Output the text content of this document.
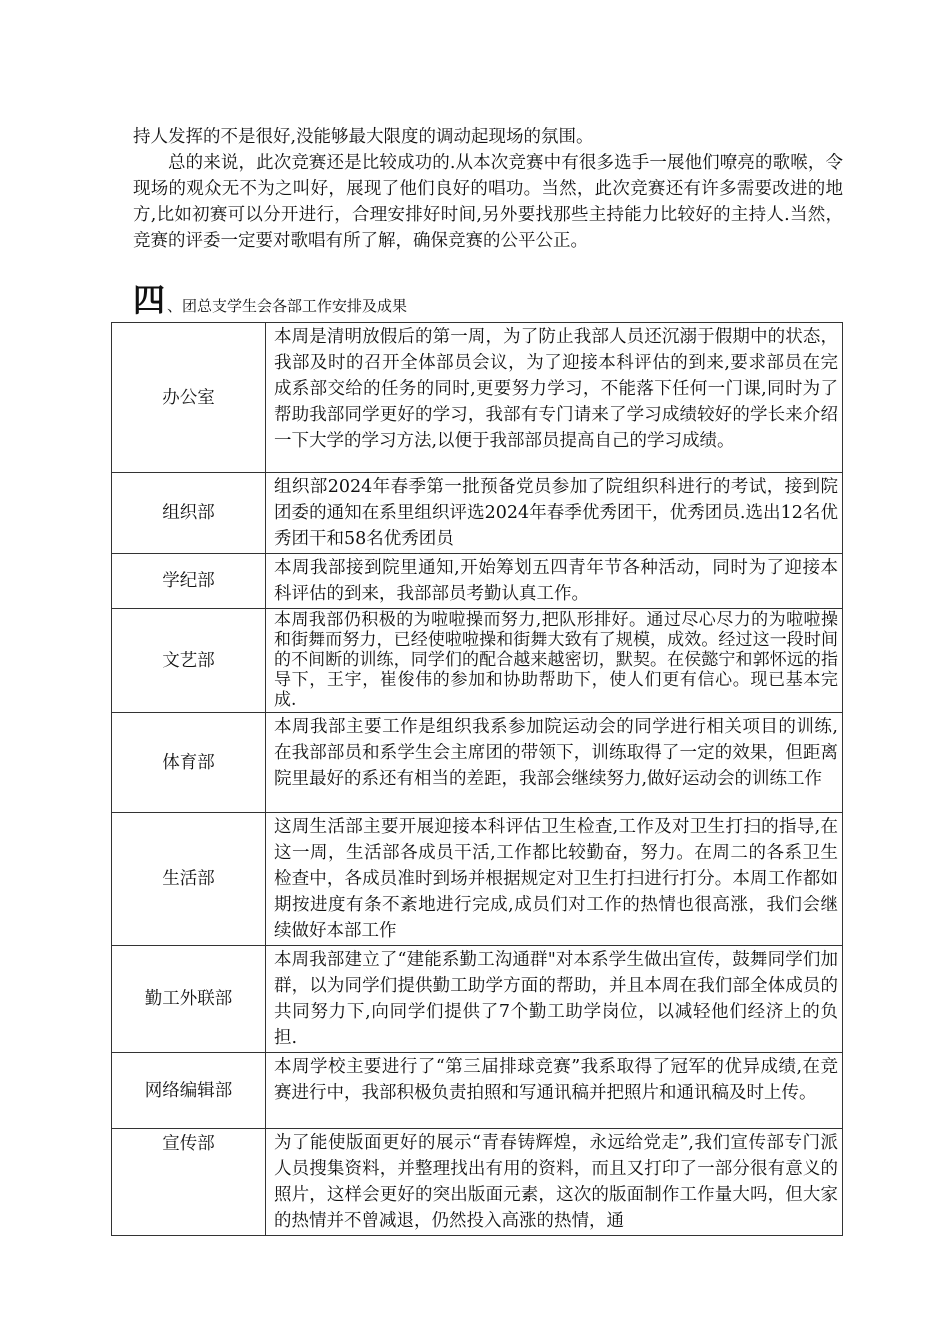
持人发挥的不是很好,没能够最大限度的调动起现场的氛围。

总的来说，此次竞赛还是比较成功的.从本次竞赛中有很多选手一展他们嘹亮的歌喉，令现场的观众无不为之叫好，展现了他们良好的唱功。当然，此次竞赛还有许多需要改进的地方,比如初赛可以分开进行，合理安排好时间,另外要找那些主持能力比较好的主持人.当然，竞赛的评委一定要对歌唱有所了解，确保竞赛的公平公正。

四 、团总支学生会各部工作安排及成果
办公室	本周是清明放假后的第一周，为了防止我部人员还沉溺于假期中的状态，我部及时的召开全体部员会议，为了迎接本科评估的到来,要求部员在完成系部交给的任务的同时,更要努力学习，不能落下任何一门课,同时为了帮助我部同学更好的学习，我部有专门请来了学习成绩较好的学长来介绍一下大学的学习方法,以便于我部部员提高自己的学习成绩。
组织部	组织部2024年春季第一批预备党员参加了院组织科进行的考试，接到院团委的通知在系里组织评选2024年春季优秀团干，优秀团员.选出12名优秀团干和58名优秀团员
学纪部	本周我部接到院里通知,开始筹划五四青年节各种活动，同时为了迎接本科评估的到来，我部部员考勤认真工作。
文艺部	本周我部仍积极的为啦啦操而努力,把队形排好。通过尽心尽力的为啦啦操和街舞而努力，已经使啦啦操和街舞大致有了规模，成效。经过这一段时间的不间断的训练，同学们的配合越来越密切，默契。在侯懿宁和郭怀远的指导下，王宇，崔俊伟的参加和协助帮助下，使人们更有信心。现已基本完成.
体育部	本周我部主要工作是组织我系参加院运动会的同学进行相关项目的训练,在我部部员和系学生会主席团的带领下，训练取得了一定的效果，但距离院里最好的系还有相当的差距，我部会继续努力,做好运动会的训练工作
生活部	这周生活部主要开展迎接本科评估卫生检查,工作及对卫生打扫的指导,在这一周，生活部各成员干活,工作都比较勤奋，努力。在周二的各系卫生检查中，各成员准时到场并根据规定对卫生打扫进行打分。本周工作都如期按进度有条不紊地进行完成,成员们对工作的热情也很高涨，我们会继续做好本部工作
勤工外联部	本周我部建立了“建能系勤工沟通群"对本系学生做出宣传，鼓舞同学们加群，以为同学们提供勤工助学方面的帮助，并且本周在我们部全体成员的共同努力下,向同学们提供了7个勤工助学岗位，以减轻他们经济上的负担.
网络编辑部	本周学校主要进行了“第三届排球竞赛”我系取得了冠军的优异成绩,在竞赛进行中，我部积极负责拍照和写通讯稿并把照片和通讯稿及时上传。
宣传部	为了能使版面更好的展示“青春铸辉煌，永远给党走”,我们宣传部专门派人员搜集资料，并整理找出有用的资料，而且又打印了一部分很有意义的照片，这样会更好的突出版面元素，这次的版面制作工作量大吗，但大家的热情并不曾减退，仍然投入高涨的热情，通
